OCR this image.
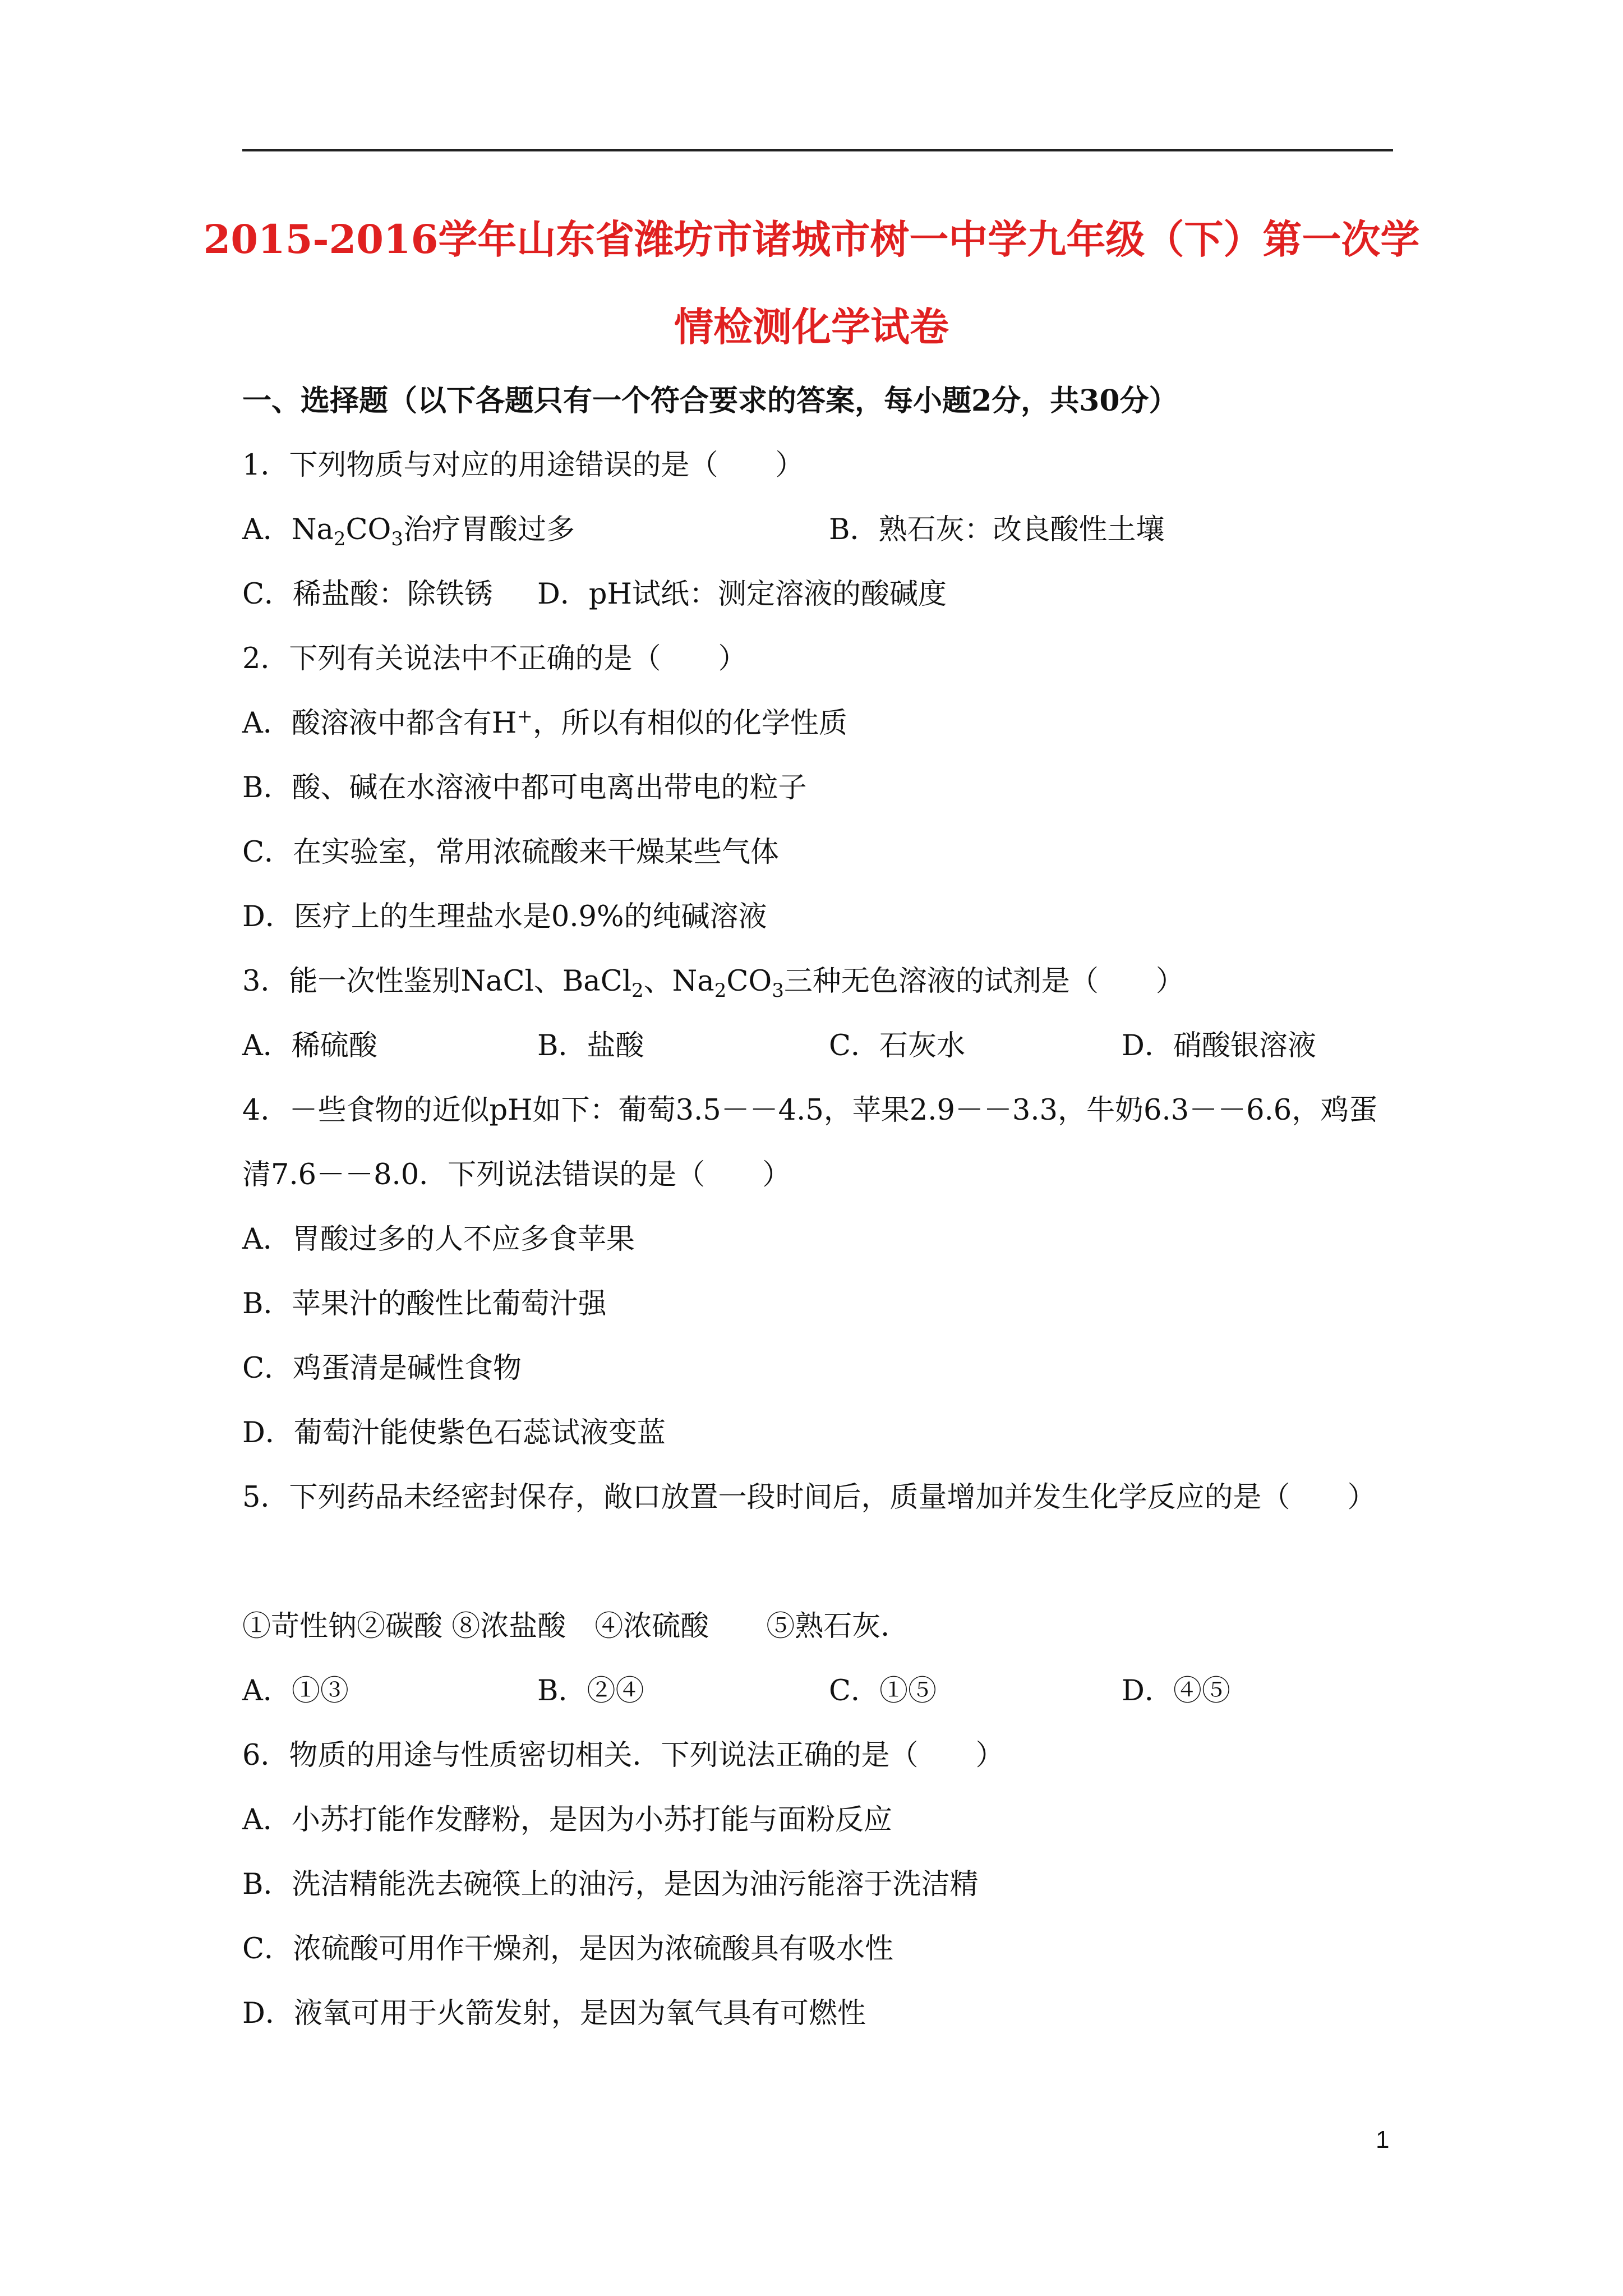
2015-2016学年山东省潍坊市诸城市树一中学九年级（下）第一次学
情检测化学试卷
一、选择题（以下各题只有一个符合要求的答案，每小题2分，共30分）
1．下列物质与对应的用途错误的是（　　）
A．$Na_2CO_3$治疗胃酸过多	B．熟石灰：改良酸性土壤
C．稀盐酸：除铁锈 D．pH试纸：测定溶液的酸碱度
2．下列有关说法中不正确的是（　　）
A．酸溶液中都含有H+，所以有相似的化学性质
B．酸、碱在水溶液中都可电离出带电的粒子
C．在实验室，常用浓硫酸来干燥某些气体
D．医疗上的生理盐水是0.9%的纯碱溶液
3．能一次性鉴别NaCl、BaCl$_2$、$Na_2CO_3$三种无色溶液的试剂是（　　）
A．稀硫酸	B．盐酸	C．石灰水	D．硝酸银溶液
4．－些食物的近似pH如下：葡萄3.5－－4.5，苹果2.9－－3.3，牛奶6.3－－6.6，鸡蛋
清7.6－－8.0．下列说法错误的是（　　）
A．胃酸过多的人不应多食苹果
B．苹果汁的酸性比葡萄汁强
C．鸡蛋清是碱性食物
D．葡萄汁能使紫色石蕊试液变蓝
5．下列药品未经密封保存，敞口放置一段时间后，质量增加并发生化学反应的是（　　）
①苛性钠②碳酸 ⑧浓盐酸　④浓硫酸　　⑤熟石灰．
A．①③	B．②④	C．①⑤	D．④⑤
6．物质的用途与性质密切相关．下列说法正确的是（　　）
A．小苏打能作发酵粉，是因为小苏打能与面粉反应
B．洗洁精能洗去碗筷上的油污，是因为油污能溶于洗洁精
C．浓硫酸可用作干燥剂，是因为浓硫酸具有吸水性
D．液氧可用于火箭发射，是因为氧气具有可燃性
1
